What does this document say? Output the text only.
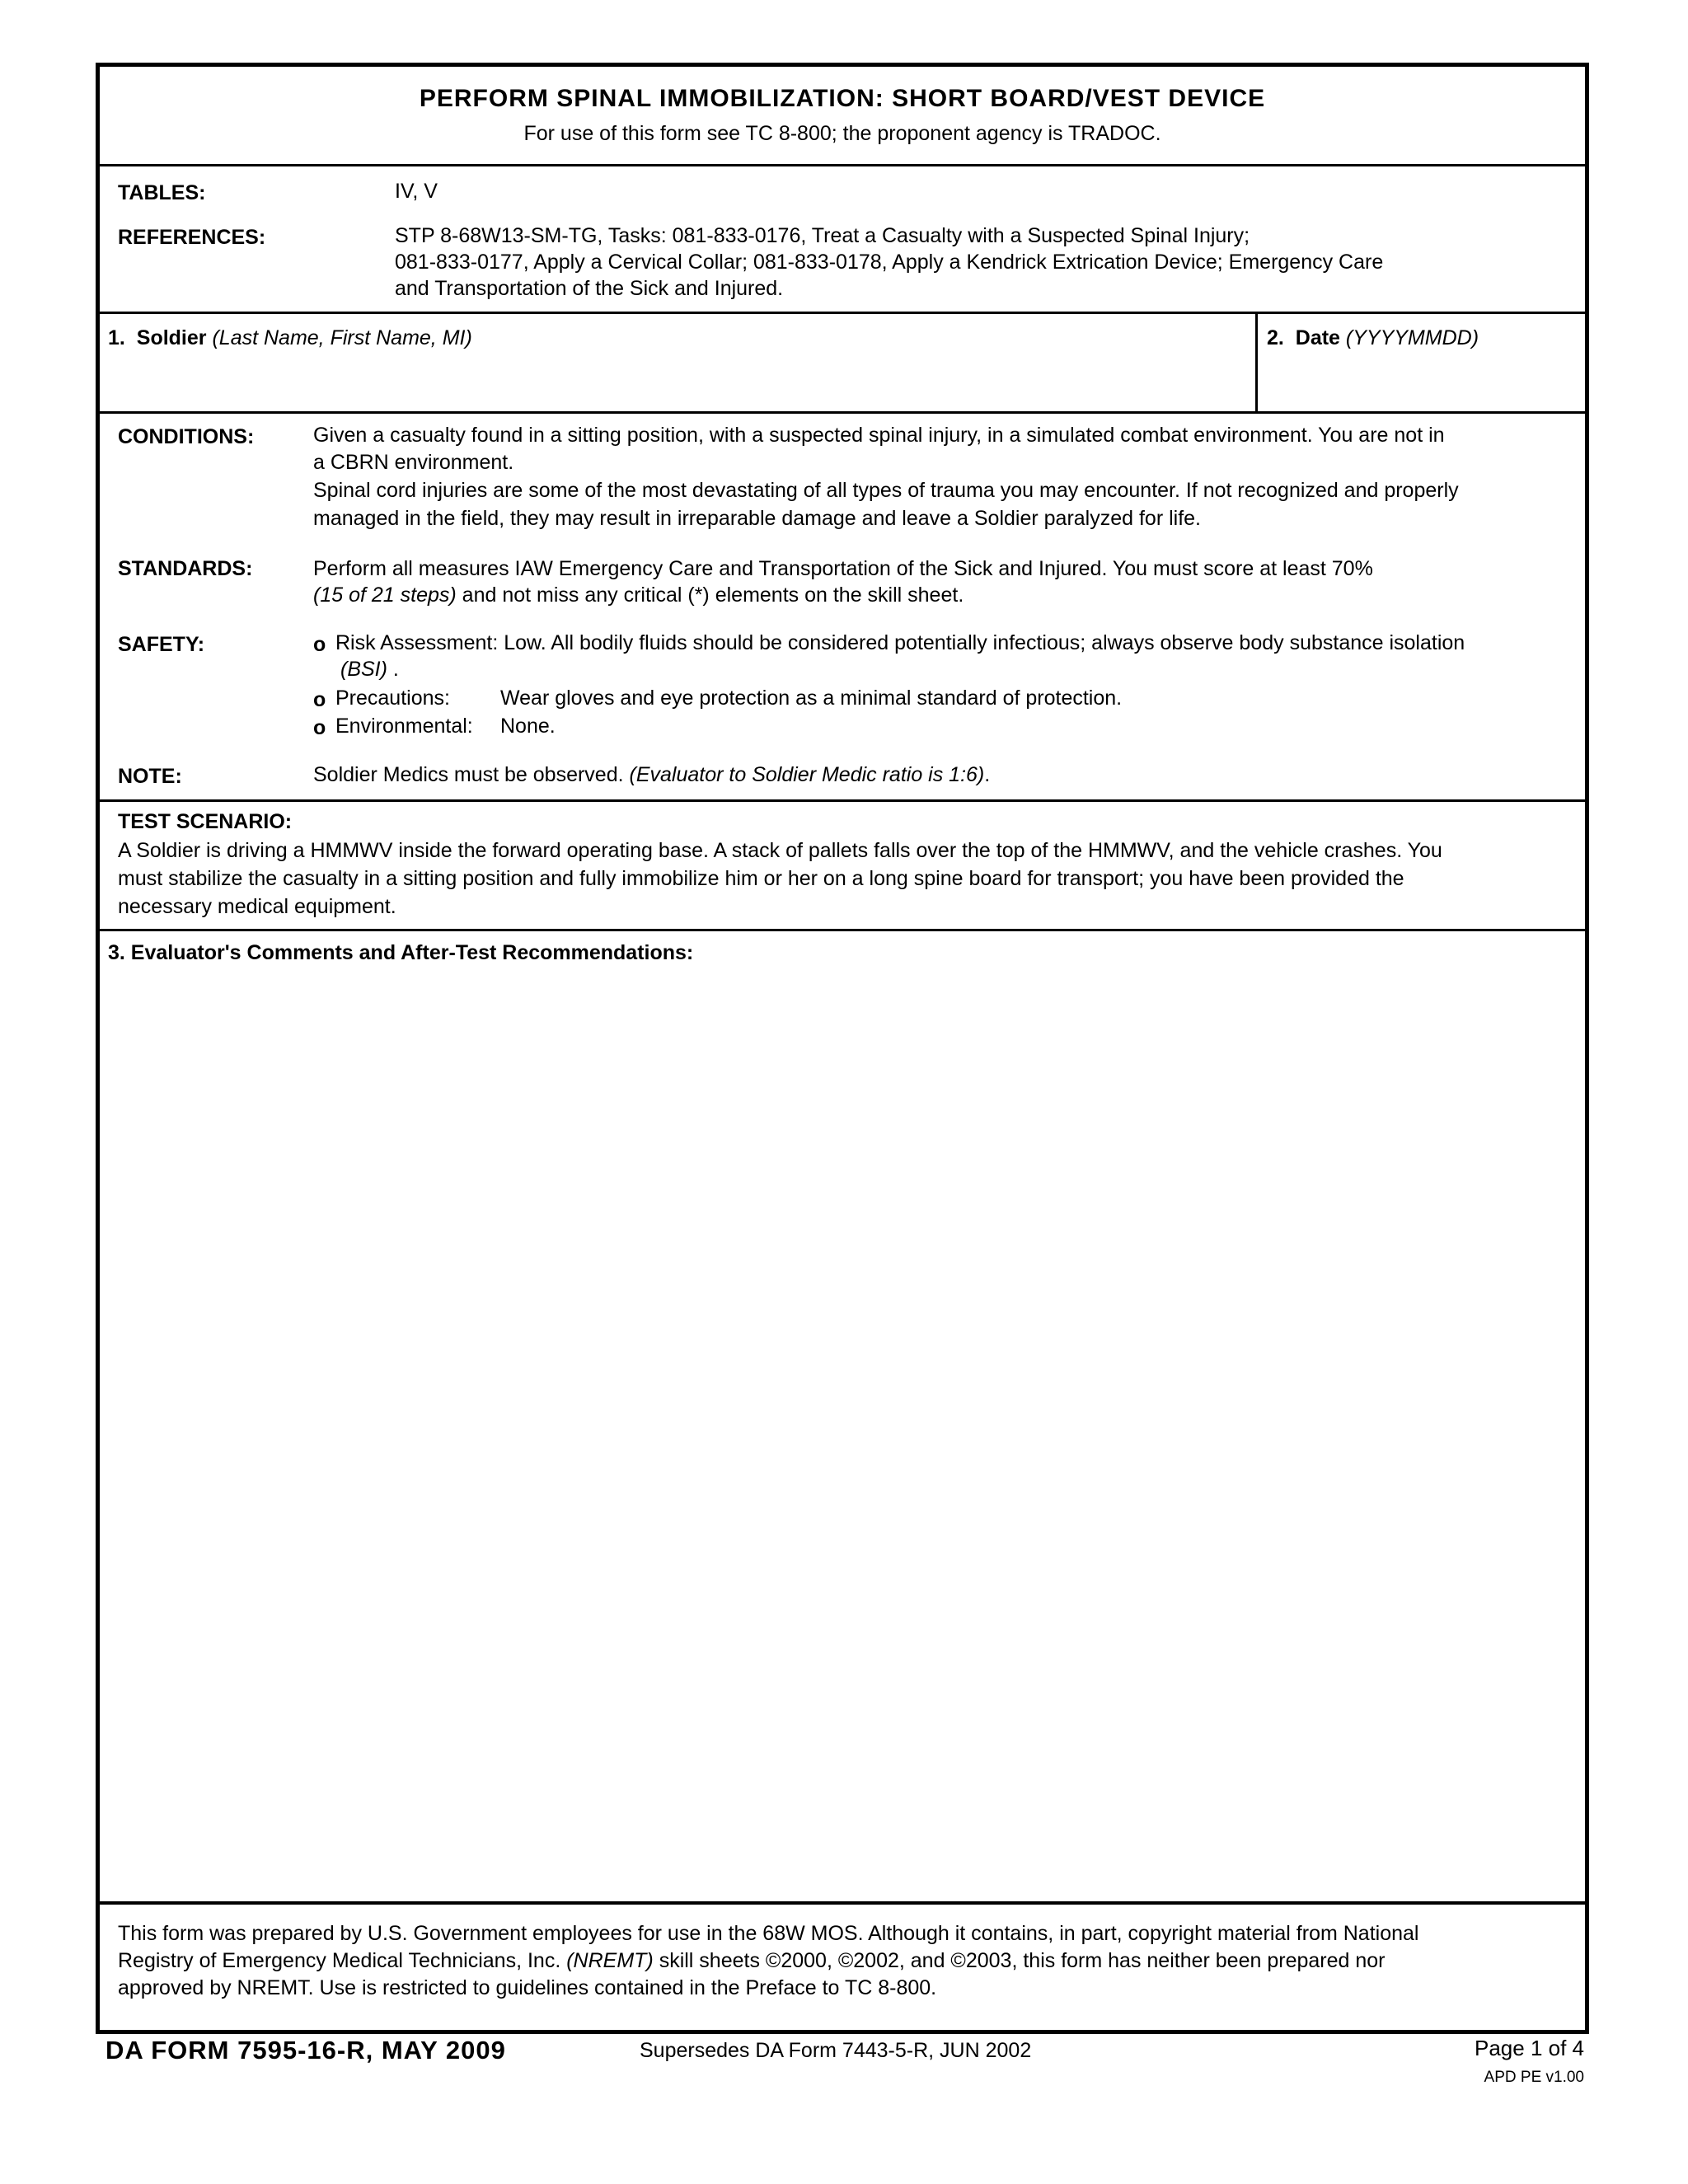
PERFORM SPINAL IMMOBILIZATION: SHORT BOARD/VEST DEVICE
For use of this form see TC 8-800; the proponent agency is TRADOC.
TABLES:	IV, V
REFERENCES:	STP 8-68W13-SM-TG, Tasks: 081-833-0176, Treat a Casualty with a Suspected Spinal Injury;
081-833-0177, Apply a Cervical Collar; 081-833-0178, Apply a Kendrick Extrication Device; Emergency Care
and Transportation of the Sick and Injured.
1. Soldier (Last Name, First Name, MI)	2. Date (YYYYMMDD)
CONDITIONS:	Given a casualty found in a sitting position, with a suspected spinal injury, in a simulated combat environment. You are not in
a CBRN environment.
Spinal cord injuries are some of the most devastating of all types of trauma you may encounter. If not recognized and properly
managed in the field, they may result in irreparable damage and leave a Soldier paralyzed for life.
STANDARDS:	Perform all measures IAW Emergency Care and Transportation of the Sick and Injured. You must score at least 70%
(15 of 21 steps) and not miss any critical (*) elements on the skill sheet.
SAFETY:	o Risk Assessment: Low. All bodily fluids should be considered potentially infectious; always observe body substance isolation
(BSI) .
o Precautions: Wear gloves and eye protection as a minimal standard of protection.
o Environmental: None.
NOTE:	Soldier Medics must be observed. (Evaluator to Soldier Medic ratio is 1:6).
TEST SCENARIO:
A Soldier is driving a HMMWV inside the forward operating base. A stack of pallets falls over the top of the HMMWV, and the vehicle crashes. You
must stabilize the casualty in a sitting position and fully immobilize him or her on a long spine board for transport; you have been provided the
necessary medical equipment.
3. Evaluator's Comments and After-Test Recommendations:
This form was prepared by U.S. Government employees for use in the 68W MOS. Although it contains, in part, copyright material from National
Registry of Emergency Medical Technicians, Inc. (NREMT) skill sheets ©2000, ©2002, and ©2003, this form has neither been prepared nor
approved by NREMT. Use is restricted to guidelines contained in the Preface to TC 8-800.
DA FORM 7595-16-R, MAY 2009	Supersedes DA Form 7443-5-R, JUN 2002	Page 1 of 4
APD PE v1.00
